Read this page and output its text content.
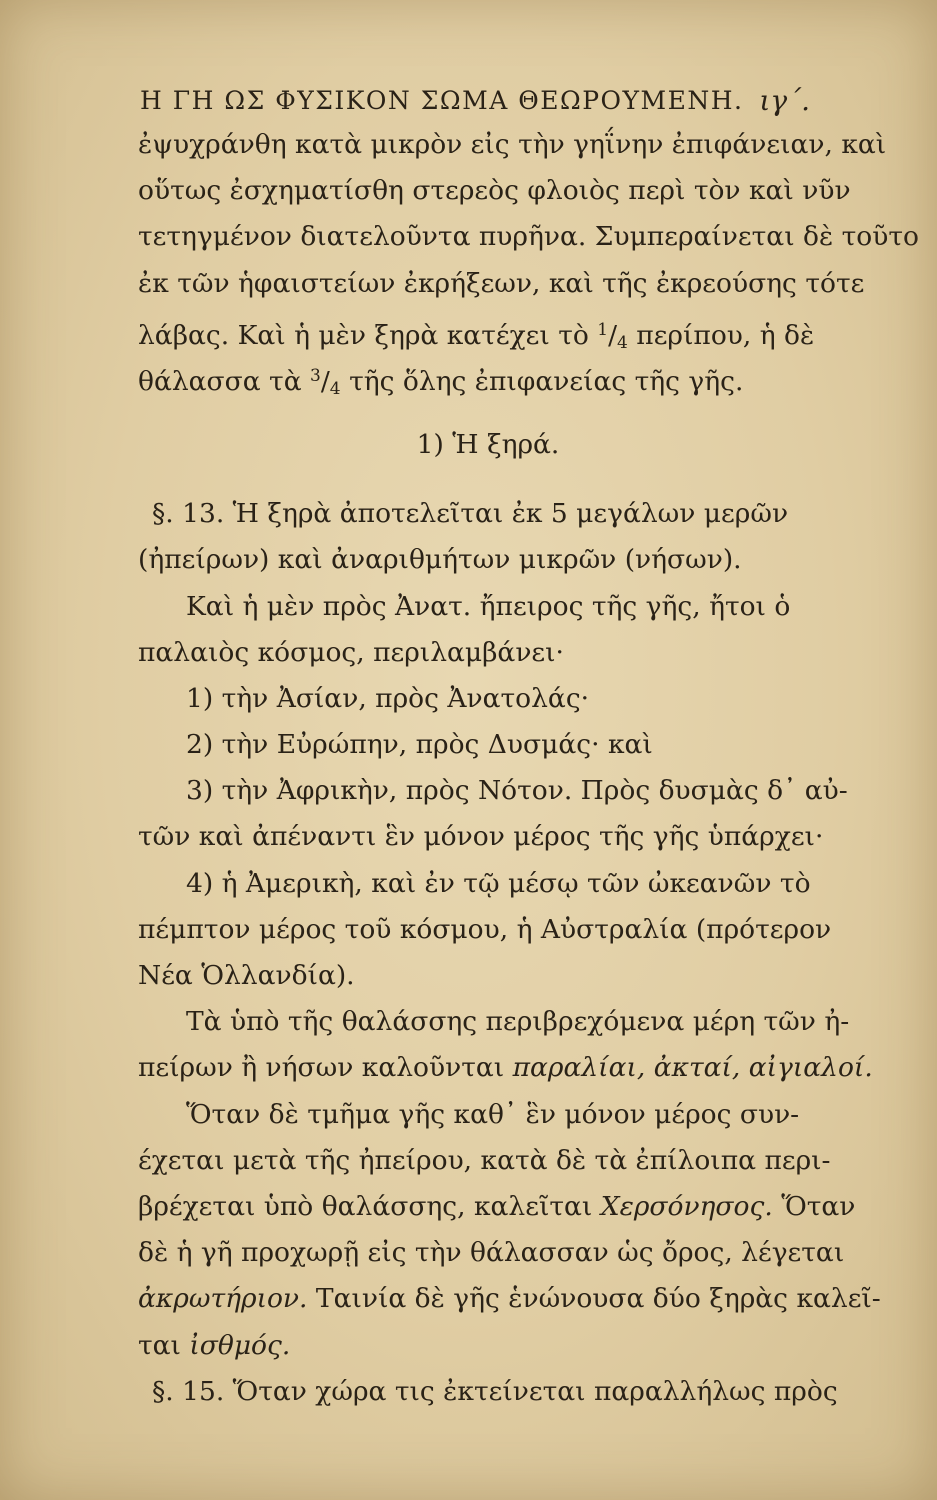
Η ΓΗ ΩΣ ΦΥΣΙΚΟΝ ΣΩΜΑ ΘΕΩΡΟΥΜΕΝΗ. ιγ΄.
ἐψυχράνθη κατὰ μικρὸν εἰς τὴν γηΐνην ἐπιφάνειαν, καὶ
οὕτως ἐσχηματίσθη στερεὸς φλοιὸς περὶ τὸν καὶ νῦν
τετηγμένον διατελοῦντα πυρῆνα. Συμπεραίνεται δὲ τοῦτο
ἐκ τῶν ἡφαιστείων ἐκρήξεων, καὶ τῆς ἐκρεούσης τότε
λάβας. Καὶ ἡ μὲν ξηρὰ κατέχει τὸ $^1$/4 περίπου, ἡ δὲ
θάλασσα τὰ $^3$/4 τῆς ὅλης ἐπιφανείας τῆς γῆς.
1) Ἡ ξηρά.
§. 13. Ἡ ξηρὰ ἀποτελεῖται ἐκ 5 μεγάλων μερῶν
(ἠπείρων) καὶ ἀναριθμήτων μικρῶν (νήσων).
Καὶ ἡ μὲν πρὸς Ἀνατ. ἤπειρος τῆς γῆς, ἤτοι ὁ
παλαιὸς κόσμος, περιλαμβάνει·
1) τὴν Ἀσίαν, πρὸς Ἀνατολάς·
2) τὴν Εὐρώπην, πρὸς Δυσμάς· καὶ
3) τὴν Ἀφρικὴν, πρὸς Νότον. Πρὸς δυσμὰς δ᾽ αὐ-
τῶν καὶ ἀπέναντι ἓν μόνον μέρος τῆς γῆς ὑπάρχει·
4) ἡ Ἀμερικὴ, καὶ ἐν τῷ μέσῳ τῶν ὠκεανῶν τὸ
πέμπτον μέρος τοῦ κόσμου, ἡ Αὐστραλία (πρότερον
Νέα Ὁλλανδία).
Τὰ ὑπὸ τῆς θαλάσσης περιβρεχόμενα μέρη τῶν ἠ-
πείρων ἢ νήσων καλοῦνται παραλίαι, ἀκταί, αἰγιαλοί.
Ὅταν δὲ τμῆμα γῆς καθ᾽ ἓν μόνον μέρος συν-
έχεται μετὰ τῆς ἠπείρου, κατὰ δὲ τὰ ἐπίλοιπα περι-
βρέχεται ὑπὸ θαλάσσης, καλεῖται Χερσόνησος. Ὅταν
δὲ ἡ γῆ προχωρῇ εἰς τὴν θάλασσαν ὡς ὄρος, λέγεται
ἀκρωτήριον. Ταινία δὲ γῆς ἑνώνουσα δύο ξηρὰς καλεῖ-
ται ἰσθμός.
§. 15. Ὅταν χώρα τις ἐκτείνεται παραλλήλως πρὸς
